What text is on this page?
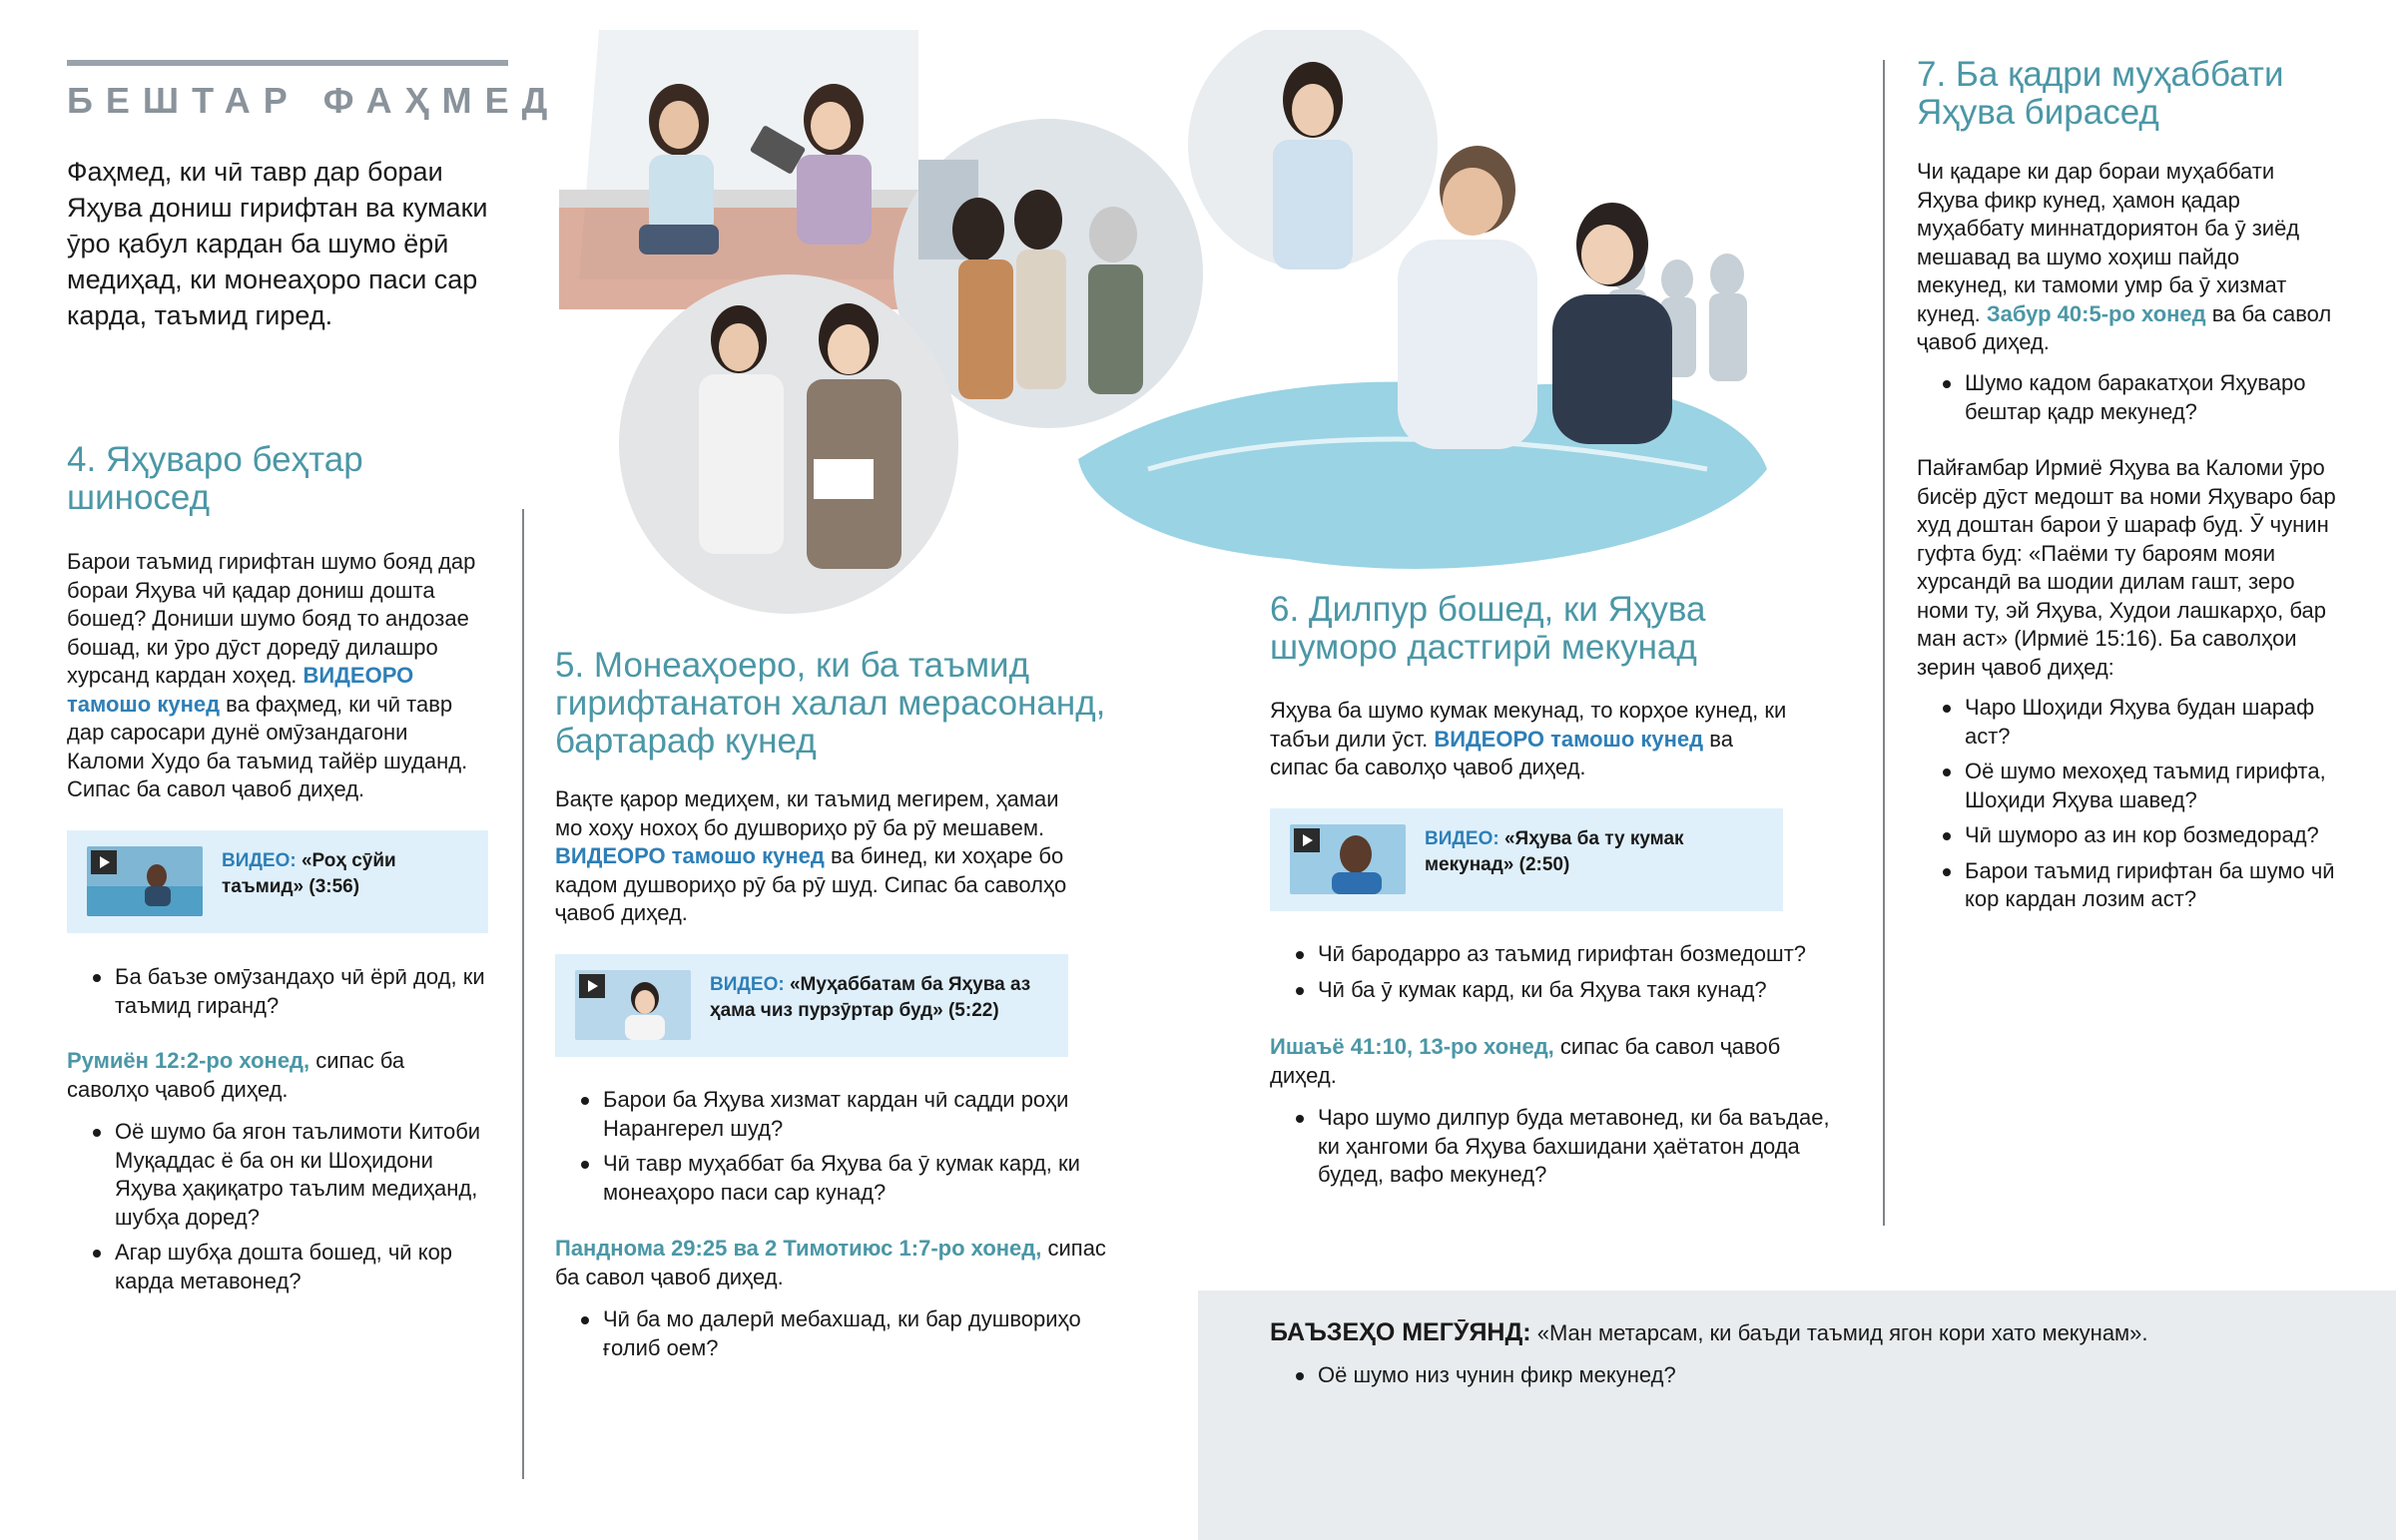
БЕШТАР ФАҲМЕД
Фаҳмед, ки чӣ тавр дар бораи Яҳува дониш гирифтан ва кумаки ӯро қабул кардан ба шумо ёрӣ медиҳад, ки монеаҳоро паси сар карда, таъмид гиред.
4. Яҳуваро беҳтар шиносед
Барои таъмид гирифтан шумо бояд дар бораи Яҳува чӣ қадар дониш дошта бошед? Дониши шумо бояд то андозае бошад, ки ӯро дӯст доредӯ дилашро хурсанд кардан хоҳед. ВИДЕОРО тамошо кунед ва фаҳмед, ки чӣ тавр дар саросари дунё омӯзандагони Каломи Худо ба таъмид тайёр шуданд. Сипас ба савол ҷавоб диҳед.
ВИДЕО: «Роҳ сӯйи таъмид» (3:56)
Ба баъзе омӯзандаҳо чӣ ёрӣ дод, ки таъмид гиранд?
Румиён 12:2-ро хонед, сипас ба саволҳо ҷавоб диҳед.
Оё шумо ба ягон таълимоти Китоби Муқаддас ё ба он ки Шоҳидони Яҳува ҳақиқатро таълим медиҳанд, шубҳа доред?
Агар шубҳа дошта бошед, чӣ кор карда метавонед?
5. Монеаҳоеро, ки ба таъмид гирифтанатон халал мерасонанд, бартараф кунед
Вақте қарор медиҳем, ки таъмид мегирем, ҳамаи мо хоҳу нохоҳ бо душвориҳо рӯ ба рӯ мешавем. ВИДЕОРО тамошо кунед ва бинед, ки хоҳаре бо кадом душвориҳо рӯ ба рӯ шуд. Сипас ба саволҳо ҷавоб диҳед.
ВИДЕО: «Муҳаббатам ба Яҳува аз ҳама чиз пурзӯртар буд» (5:22)
Барои ба Яҳува хизмат кардан чӣ садди роҳи Нарангерел шуд?
Чӣ тавр муҳаббат ба Яҳува ба ӯ кумак кард, ки монеаҳоро паси сар кунад?
Панднома 29:25 ва 2 Тимотиюс 1:7-ро хонед, сипас ба савол ҷавоб диҳед.
Чӣ ба мо далерӣ мебахшад, ки бар душвориҳо ғолиб оем?
6. Дилпур бошед, ки Яҳува шуморо дастгирӣ мекунад
Яҳува ба шумо кумак мекунад, то корҳое кунед, ки табъи дили ӯст. ВИДЕОРО тамошо кунед ва сипас ба саволҳо ҷавоб диҳед.
ВИДЕО: «Яҳува ба ту кумак мекунад» (2:50)
Чӣ бародарро аз таъмид гирифтан бозмедошт?
Чӣ ба ӯ кумак кард, ки ба Яҳува такя кунад?
Ишаъё 41:10, 13-ро хонед, сипас ба савол ҷавоб диҳед.
Чаро шумо дилпур буда метавонед, ки ба ваъдае, ки ҳангоми ба Яҳува бахшидани ҳаётатон дода будед, вафо мекунед?
7. Ба қадри муҳаббати Яҳува бирасед
Чи қадаре ки дар бораи муҳаббати Яҳува фикр кунед, ҳамон қадар муҳаббату миннатдориятон ба ӯ зиёд мешавад ва шумо хоҳиш пайдо мекунед, ки тамоми умр ба ӯ хизмат кунед. Забур 40:5-ро хонед ва ба савол ҷавоб диҳед.
Шумо кадом баракатҳои Яҳуваро бештар қадр мекунед?
Пайғамбар Ирмиё Яҳува ва Каломи ӯро бисёр дӯст медошт ва номи Яҳуваро бар худ доштан барои ӯ шараф буд. Ӯ чунин гуфта буд: «Паёми ту бароям мояи хурсандӣ ва шодии дилам гашт, зеро номи ту, эй Яҳува, Худои лашкарҳо, бар ман аст» (Ирмиё 15:16). Ба саволҳои зерин ҷавоб диҳед:
Чаро Шоҳиди Яҳува будан шараф аст?
Оё шумо мехоҳед таъмид гирифта, Шоҳиди Яҳува шавед?
Чӣ шуморо аз ин кор бозмедорад?
Барои таъмид гирифтан ба шумо чӣ кор кардан лозим аст?
БАЪЗЕҲО МЕГӮЯНД: «Ман метарсам, ки баъди таъмид ягон кори хато мекунам».
Оё шумо низ чунин фикр мекунед?
